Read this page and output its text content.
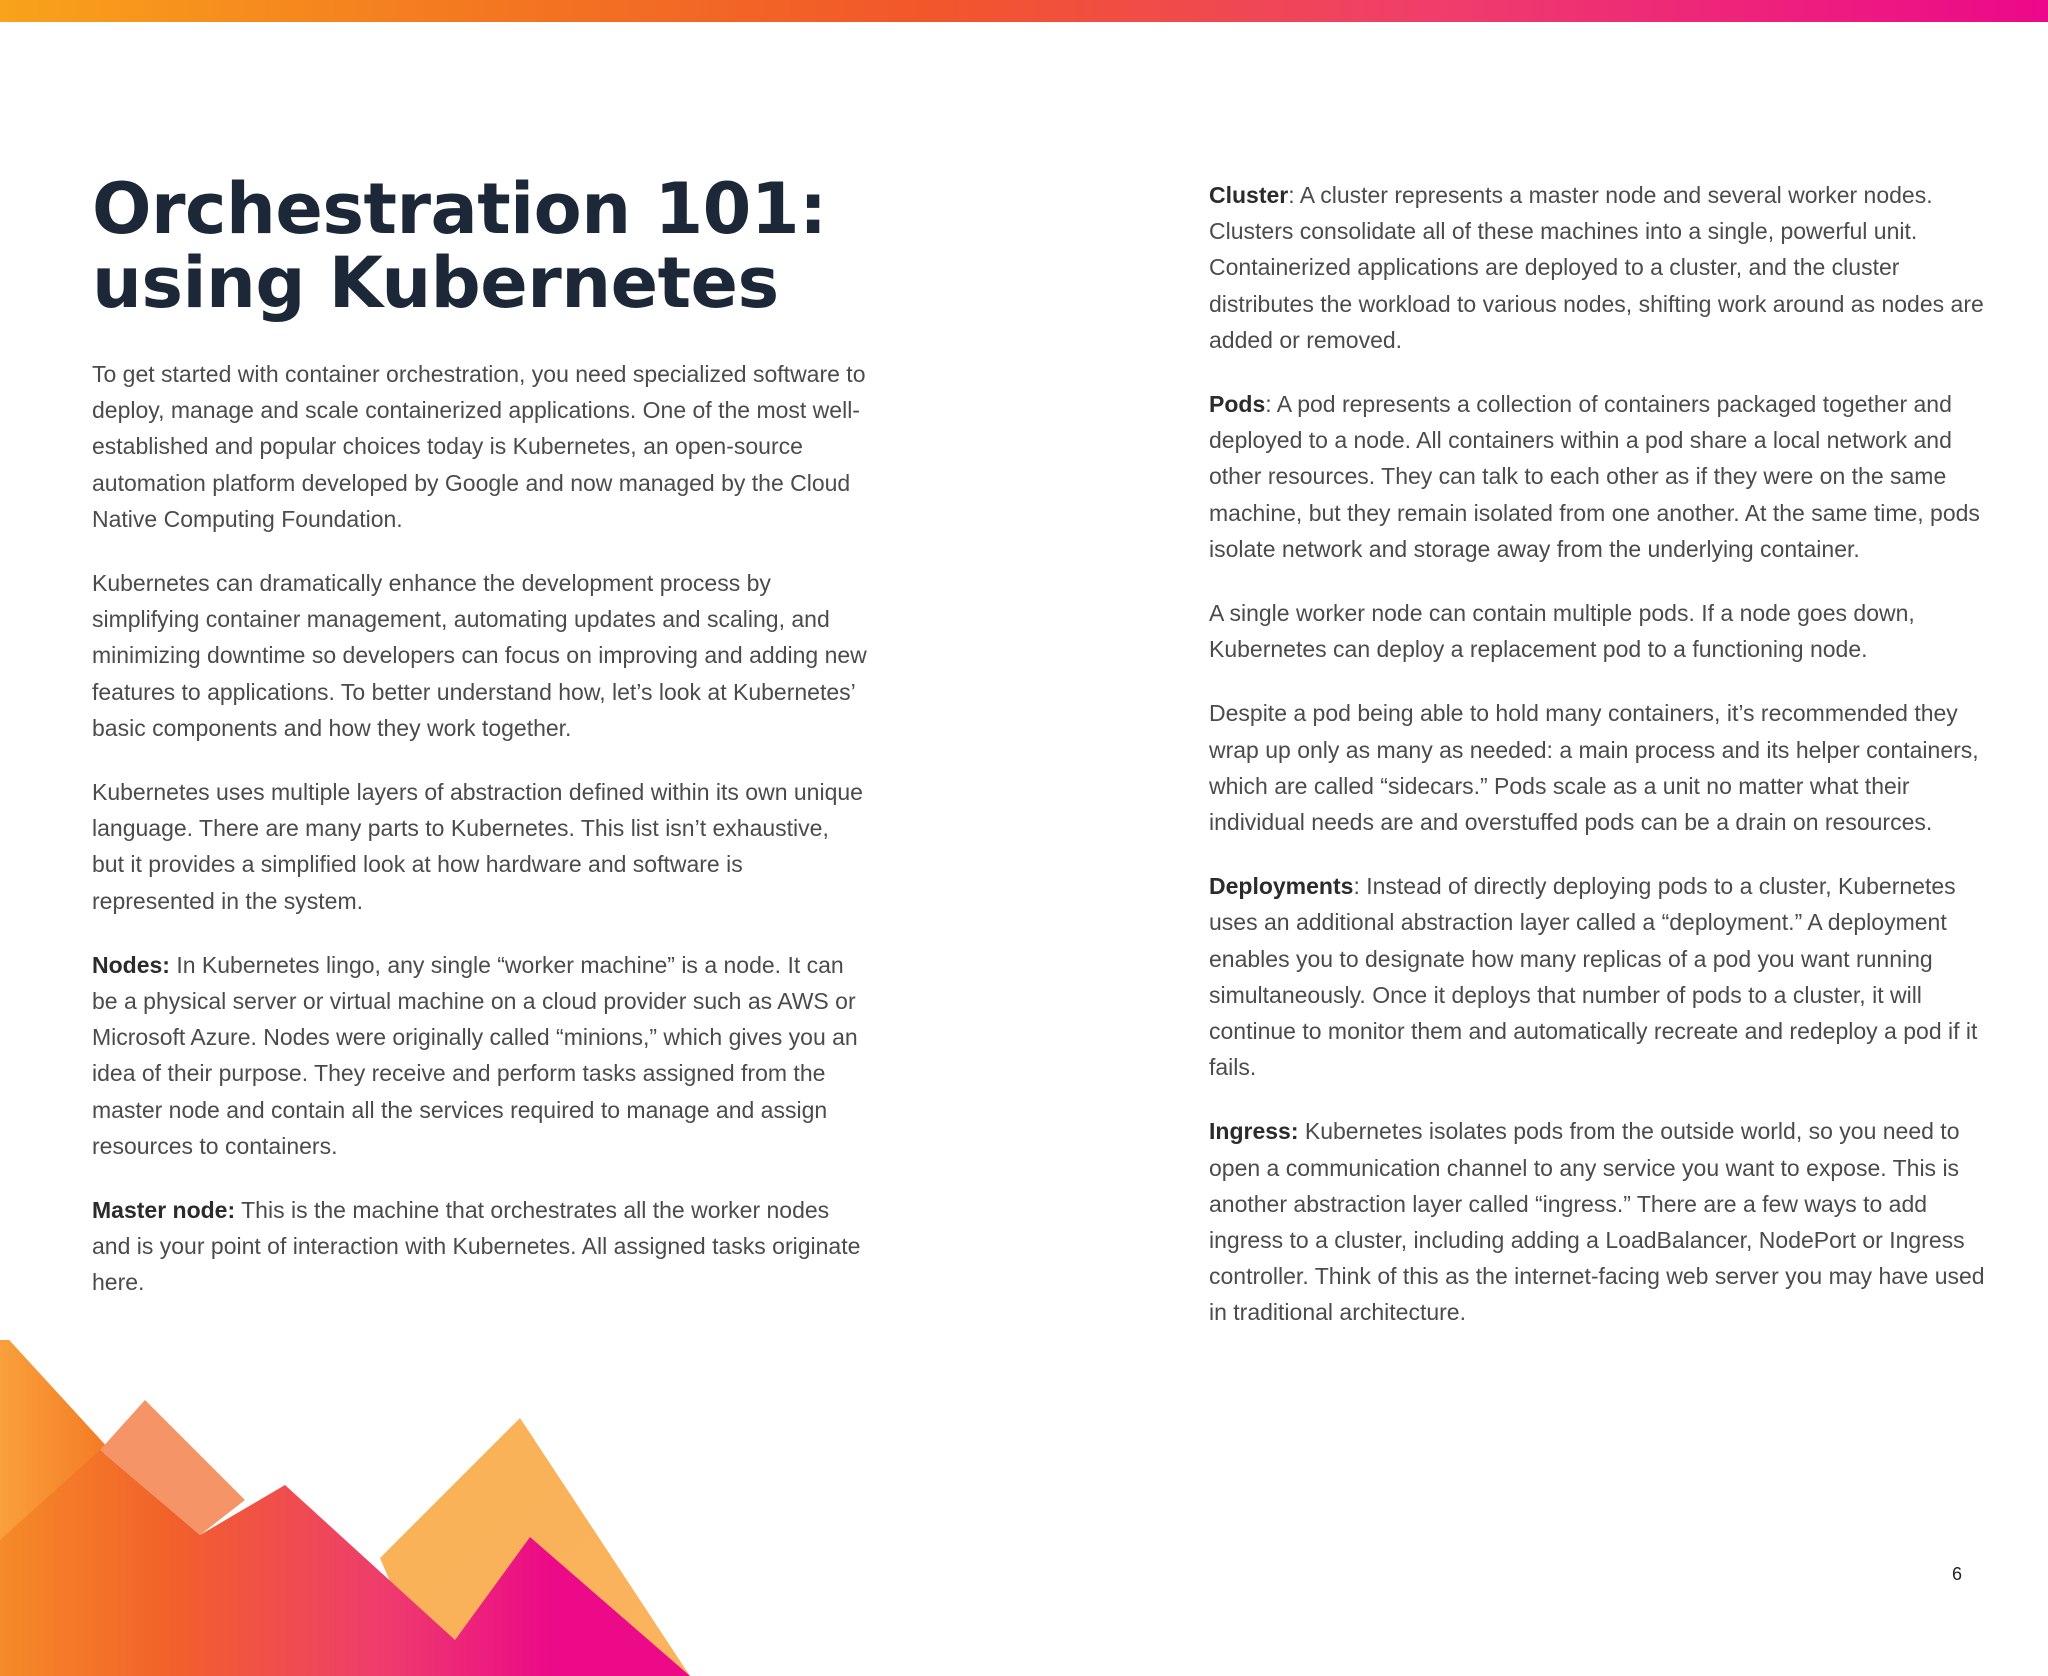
Orchestration 101:
using Kubernetes

To get started with container orchestration, you need specialized software to deploy, manage and scale containerized applications. One of the most well-established and popular choices today is Kubernetes, an open-source automation platform developed by Google and now managed by the Cloud Native Computing Foundation.

Kubernetes can dramatically enhance the development process by simplifying container management, automating updates and scaling, and minimizing downtime so developers can focus on improving and adding new features to applications. To better understand how, let’s look at Kubernetes’ basic components and how they work together.

Kubernetes uses multiple layers of abstraction defined within its own unique language. There are many parts to Kubernetes. This list isn’t exhaustive, but it provides a simplified look at how hardware and software is represented in the system.

Nodes: In Kubernetes lingo, any single “worker machine” is a node. It can be a physical server or virtual machine on a cloud provider such as AWS or Microsoft Azure. Nodes were originally called “minions,” which gives you an idea of their purpose. They receive and perform tasks assigned from the master node and contain all the services required to manage and assign resources to containers.

Master node: This is the machine that orchestrates all the worker nodes and is your point of interaction with Kubernetes. All assigned tasks originate here.

Cluster: A cluster represents a master node and several worker nodes. Clusters consolidate all of these machines into a single, powerful unit. Containerized applications are deployed to a cluster, and the cluster distributes the workload to various nodes, shifting work around as nodes are added or removed.

Pods: A pod represents a collection of containers packaged together and deployed to a node. All containers within a pod share a local network and other resources. They can talk to each other as if they were on the same machine, but they remain isolated from one another. At the same time, pods isolate network and storage away from the underlying container.

A single worker node can contain multiple pods. If a node goes down, Kubernetes can deploy a replacement pod to a functioning node.

Despite a pod being able to hold many containers, it’s recommended they wrap up only as many as needed: a main process and its helper containers, which are called “sidecars.” Pods scale as a unit no matter what their individual needs are and overstuffed pods can be a drain on resources.

Deployments: Instead of directly deploying pods to a cluster, Kubernetes uses an additional abstraction layer called a “deployment.” A deployment enables you to designate how many replicas of a pod you want running simultaneously. Once it deploys that number of pods to a cluster, it will continue to monitor them and automatically recreate and redeploy a pod if it fails.

Ingress: Kubernetes isolates pods from the outside world, so you need to open a communication channel to any service you want to expose. This is another abstraction layer called “ingress.” There are a few ways to add ingress to a cluster, including adding a LoadBalancer, NodePort or Ingress controller. Think of this as the internet-facing web server you may have used in traditional architecture.

6
